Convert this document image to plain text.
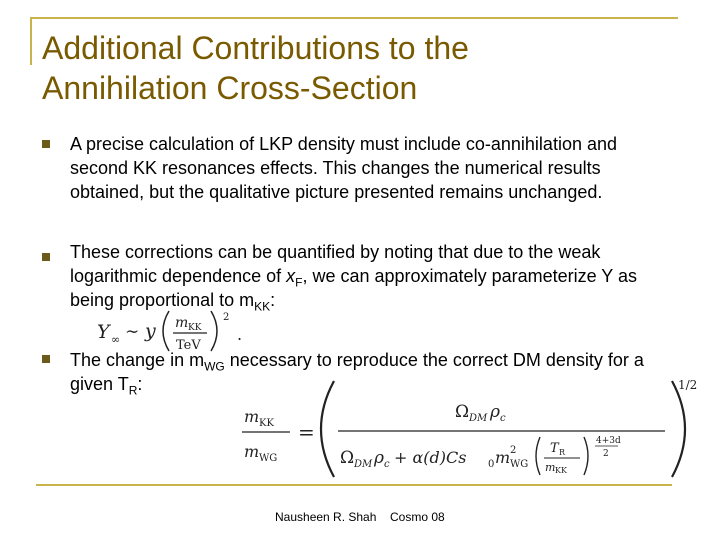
Additional Contributions to the
Annihilation Cross-Section
A precise calculation of LKP density must include co-annihilation and second KK resonances effects. This changes the numerical results obtained, but the qualitative picture presented remains unchanged.
These corrections can be quantified by noting that due to the weak logarithmic dependence of $x_F$, we can approximately parameterize Y as being proportional to $m_{KK}$:
Y ∞ ∼ y m KK
TeV
2
.
The change in $m_{WG}$ necessary to reproduce the correct DM density for a given $T_R$:
m KK
m WG
=
1/2
Ω DM ρ c
Ω DM ρ c + α(d)Cs 0 m 2
WG
T R
m KK
4+3d
2
Nausheen R. Shah Cosmo 08
